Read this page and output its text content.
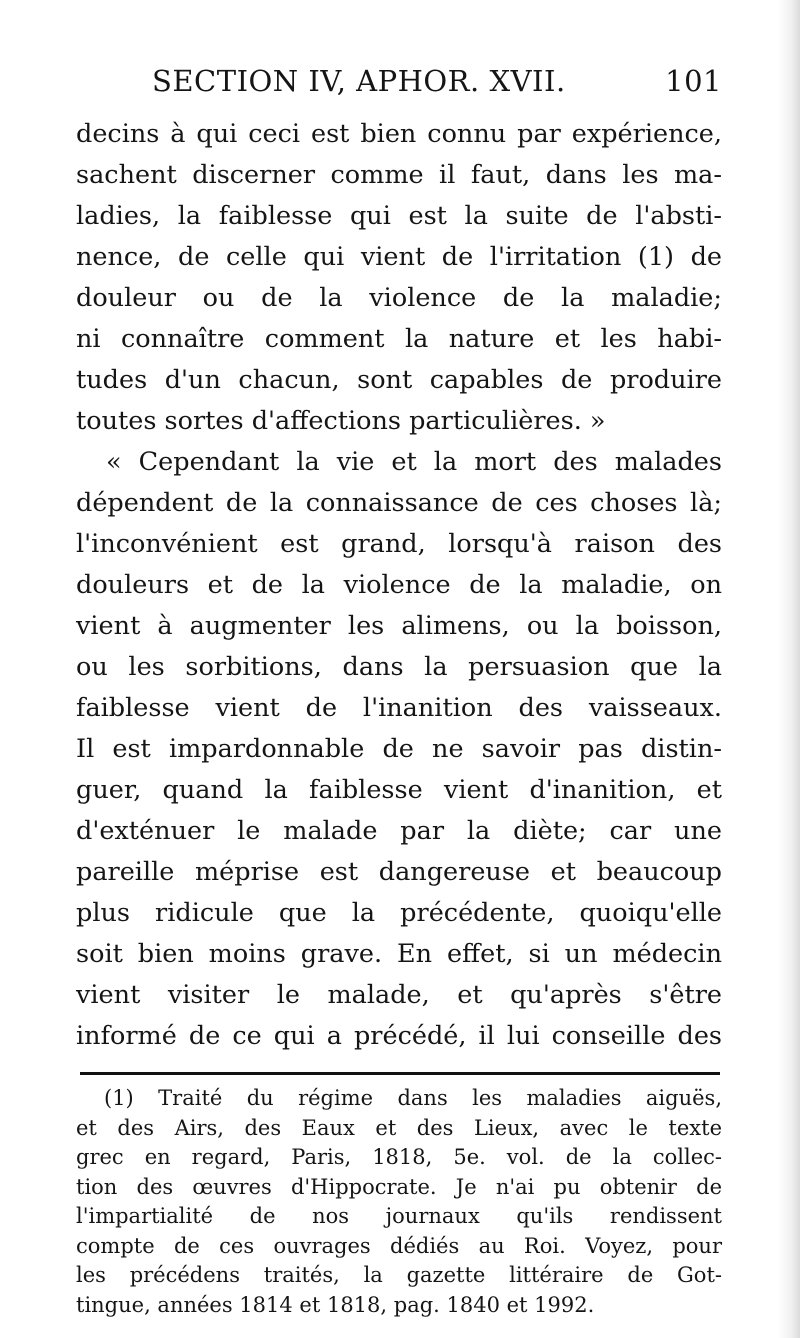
SECTION IV, APHOR. XVII.	101
decins à qui ceci est bien connu par expérience,
sachent discerner comme il faut, dans les ma-
ladies, la faiblesse qui est la suite de l'absti-
nence, de celle qui vient de l'irritation (1) de
douleur ou de la violence de la maladie;
ni connaître comment la nature et les habi-
tudes d'un chacun, sont capables de produire
toutes sortes d'affections particulières. »
« Cependant la vie et la mort des malades
dépendent de la connaissance de ces choses là;
l'inconvénient est grand, lorsqu'à raison des
douleurs et de la violence de la maladie, on
vient à augmenter les alimens, ou la boisson,
ou les sorbitions, dans la persuasion que la
faiblesse vient de l'inanition des vaisseaux.
Il est impardonnable de ne savoir pas distin-
guer, quand la faiblesse vient d'inanition, et
d'exténuer le malade par la diète; car une
pareille méprise est dangereuse et beaucoup
plus ridicule que la précédente, quoiqu'elle
soit bien moins grave. En effet, si un médecin
vient visiter le malade, et qu'après s'être
informé de ce qui a précédé, il lui conseille des
(1) Traité du régime dans les maladies aiguës,
et des Airs, des Eaux et des Lieux, avec le texte
grec en regard, Paris, 1818, 5e. vol. de la collec-
tion des œuvres d'Hippocrate. Je n'ai pu obtenir de
l'impartialité de nos journaux qu'ils rendissent
compte de ces ouvrages dédiés au Roi. Voyez, pour
les précédens traités, la gazette littéraire de Got-
tingue, années 1814 et 1818, pag. 1840 et 1992.
